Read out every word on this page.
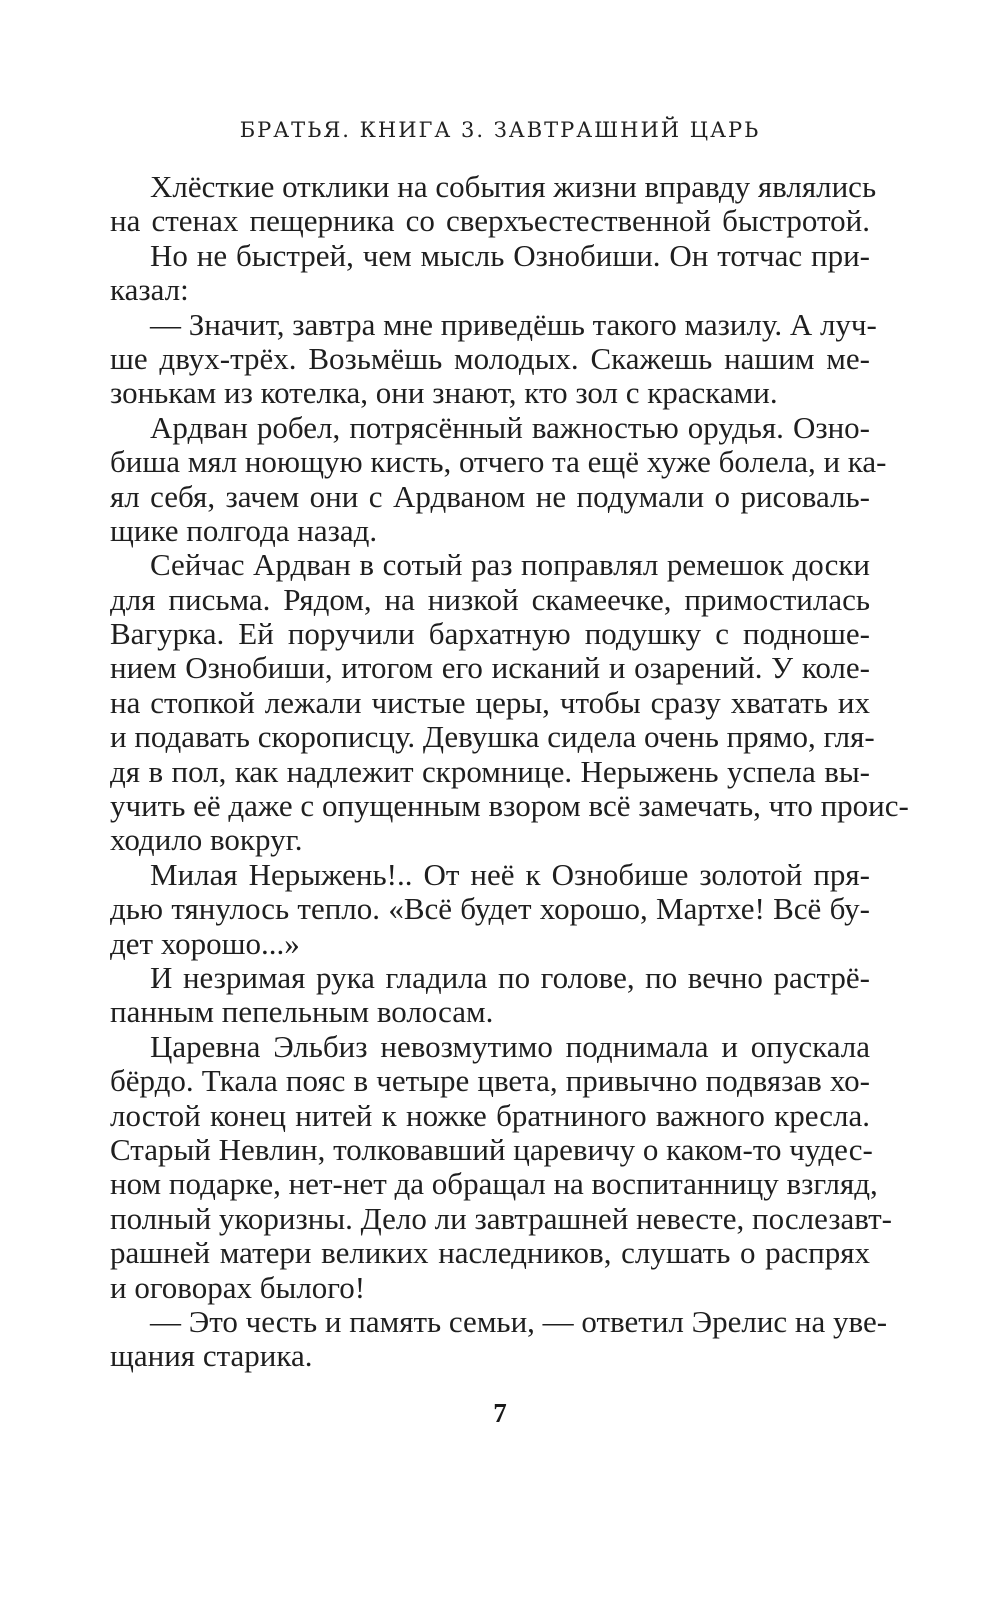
БРАТЬЯ. КНИГА 3. ЗАВТРАШНИЙ ЦАРЬ
Хлёсткие отклики на события жизни вправду являлись
на стенах пещерника со сверхъестественной быстротой.
Но не быстрей, чем мысль Ознобиши. Он тотчас при-
казал:
— Значит, завтра мне приведёшь такого мазилу. А луч-
ше двух-трёх. Возьмёшь молодых. Скажешь нашим ме-
зонькам из котелка, они знают, кто зол с красками.
Ардван робел, потрясённый важностью орудья. Озно-
биша мял ноющую кисть, отчего та ещё хуже болела, и ка-
ял себя, зачем они с Ардваном не подумали о рисоваль-
щике полгода назад.
Сейчас Ардван в сотый раз поправлял ремешок доски
для письма. Рядом, на низкой скамеечке, примостилась
Вагурка. Ей поручили бархатную подушку с подноше-
нием Ознобиши, итогом его исканий и озарений. У коле-
на стопкой лежали чистые церы, чтобы сразу хватать их
и подавать скорописцу. Девушка сидела очень прямо, гля-
дя в пол, как надлежит скромнице. Нерыжень успела вы-
учить её даже с опущенным взором всё замечать, что проис-
ходило вокруг.
Милая Нерыжень!.. От неё к Ознобише золотой пря-
дью тянулось тепло. «Всё будет хорошо, Мартхе! Всё бу-
дет хорошо...»
И незримая рука гладила по голове, по вечно растрё-
панным пепельным волосам.
Царевна Эльбиз невозмутимо поднимала и опускала
бёрдо. Ткала пояс в четыре цвета, привычно подвязав хо-
лостой конец нитей к ножке братниного важного кресла.
Старый Невлин, толковавший царевичу о каком-то чудес-
ном подарке, нет-нет да обращал на воспитанницу взгляд,
полный укоризны. Дело ли завтрашней невесте, послезавт-
рашней матери великих наследников, слушать о распрях
и оговорах былого!
— Это честь и память семьи, — ответил Эрелис на уве-
щания старика.
7
